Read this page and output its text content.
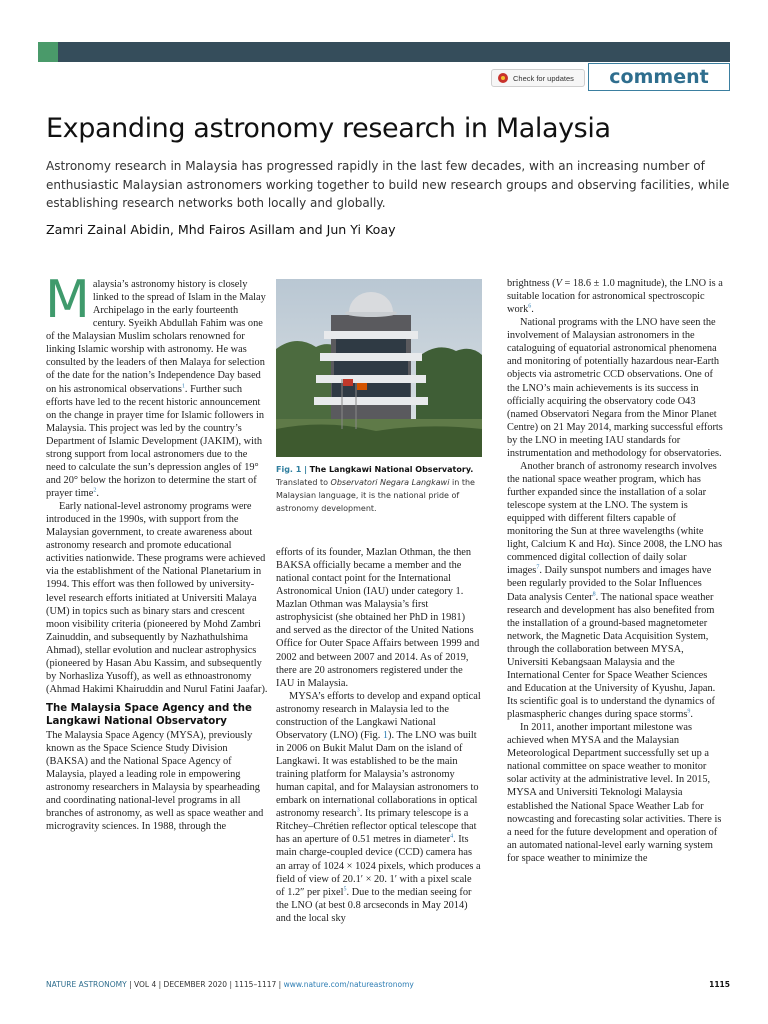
Check for updates	comment
Expanding astronomy research in Malaysia
Astronomy research in Malaysia has progressed rapidly in the last few decades, with an increasing number of enthusiastic Malaysian astronomers working together to build new research groups and observing facilities, while establishing research networks both locally and globally.
Zamri Zainal Abidin, Mhd Fairos Asillam and Jun Yi Koay

Malaysia’s astronomy history is closely linked to the spread of Islam in the Malay Archipelago in the early fourteenth century. Syeikh Abdullah Fahim was one of the Malaysian Muslim scholars renowned for linking Islamic worship with astronomy. He was consulted by the leaders of then Malaya for selection of the date for the nation’s Independence Day based on his astronomical observations$^1$. Further such efforts have led to the recent historic announcement on the change in prayer time for Islamic followers in Malaysia. This project was led by the country’s Department of Islamic Development (JAKIM), with strong support from local astronomers due to the need to calculate the sun’s depression angles of 19° and 20° below the horizon to determine the start of prayer time$^2$.

Early national-level astronomy programs were introduced in the 1990s, with support from the Malaysian government, to create awareness about astronomy research and promote educational activities nationwide. These programs were achieved via the establishment of the National Planetarium in 1994. This effort was then followed by university-level research efforts initiated at Universiti Malaya (UM) in topics such as binary stars and crescent moon visibility criteria (pioneered by Mohd Zambri Zainuddin, and subsequently by Nazhathulshima Ahmad), stellar evolution and nuclear astrophysics (pioneered by Hasan Abu Kassim, and subsequently by Norhasliza Yusoff), as well as ethnoastronomy (Ahmad Hakimi Khairuddin and Nurul Fatini Jaafar).

The Malaysia Space Agency and the Langkawi National Observatory

The Malaysia Space Agency (MYSA), previously known as the Space Science Study Division (BAKSA) and the National Space Agency of Malaysia, played a leading role in empowering astronomy researchers in Malaysia by spearheading and coordinating national-level programs in all branches of astronomy, as well as space weather and microgravity sciences. In 1988, through the

Fig. 1 | The Langkawi National Observatory.
Translated to Observatori Negara Langkawi in the Malaysian language, it is the national pride of astronomy development.

efforts of its founder, Mazlan Othman, the then BAKSA officially became a member and the national contact point for the International Astronomical Union (IAU) under category 1. Mazlan Othman was Malaysia’s first astrophysicist (she obtained her PhD in 1981) and served as the director of the United Nations Office for Outer Space Affairs between 1999 and 2002 and between 2007 and 2014. As of 2019, there are 20 astronomers registered under the IAU in Malaysia.

MYSA’s efforts to develop and expand optical astronomy research in Malaysia led to the construction of the Langkawi National Observatory (LNO) (Fig. 1). The LNO was built in 2006 on Bukit Malut Dam on the island of Langkawi. It was established to be the main training platform for Malaysia’s astronomy human capital, and for Malaysian astronomers to embark on international collaborations in optical astronomy research$^3$. Its primary telescope is a Ritchey–Chrétien reflector optical telescope that has an aperture of 0.51 metres in diameter$^4$. Its main charge-coupled device (CCD) camera has an array of 1024 × 1024 pixels, which produces a field of view of 20.1′ × 20. 1′ with a pixel scale of 1.2″ per pixel$^5$. Due to the median seeing for the LNO (at best 0.8 arcseconds in May 2014) and the local sky

brightness (V = 18.6 ± 1.0 magnitude), the LNO is a suitable location for astronomical spectroscopic work$^6$.

National programs with the LNO have seen the involvement of Malaysian astronomers in the cataloguing of equatorial astronomical phenomena and monitoring of potentially hazardous near-Earth objects via astrometric CCD observations. One of the LNO’s main achievements is its success in officially acquiring the observatory code O43 (named Observatori Negara from the Minor Planet Centre) on 21 May 2014, marking successful efforts by the LNO in meeting IAU standards for instrumentation and methodology for observatories.

Another branch of astronomy research involves the national space weather program, which has further expanded since the installation of a solar telescope system at the LNO. The system is equipped with different filters capable of monitoring the Sun at three wavelengths (white light, Calcium K and Hα). Since 2008, the LNO has commenced digital collection of daily solar images$^7$. Daily sunspot numbers and images have been regularly provided to the Solar Influences Data analysis Center$^8$. The national space weather research and development has also benefited from the installation of a ground-based magnetometer network, the Magnetic Data Acquisition System, through the collaboration between MYSA, Universiti Kebangsaan Malaysia and the International Center for Space Weather Sciences and Education at the University of Kyushu, Japan. Its scientific goal is to understand the dynamics of plasmaspheric changes during space storms$^9$.

In 2011, another important milestone was achieved when MYSA and the Malaysian Meteorological Department successfully set up a national committee on space weather to monitor solar activity at the administrative level. In 2015, MYSA and Universiti Teknologi Malaysia established the National Space Weather Lab for nowcasting and forecasting solar activities. There is a need for the future development and operation of an automated national-level early warning system for space weather to minimize the

NATURE ASTRONOMY | VOL 4 | DECEMBER 2020 | 1115–1117 | www.nature.com/natureastronomy	1115
